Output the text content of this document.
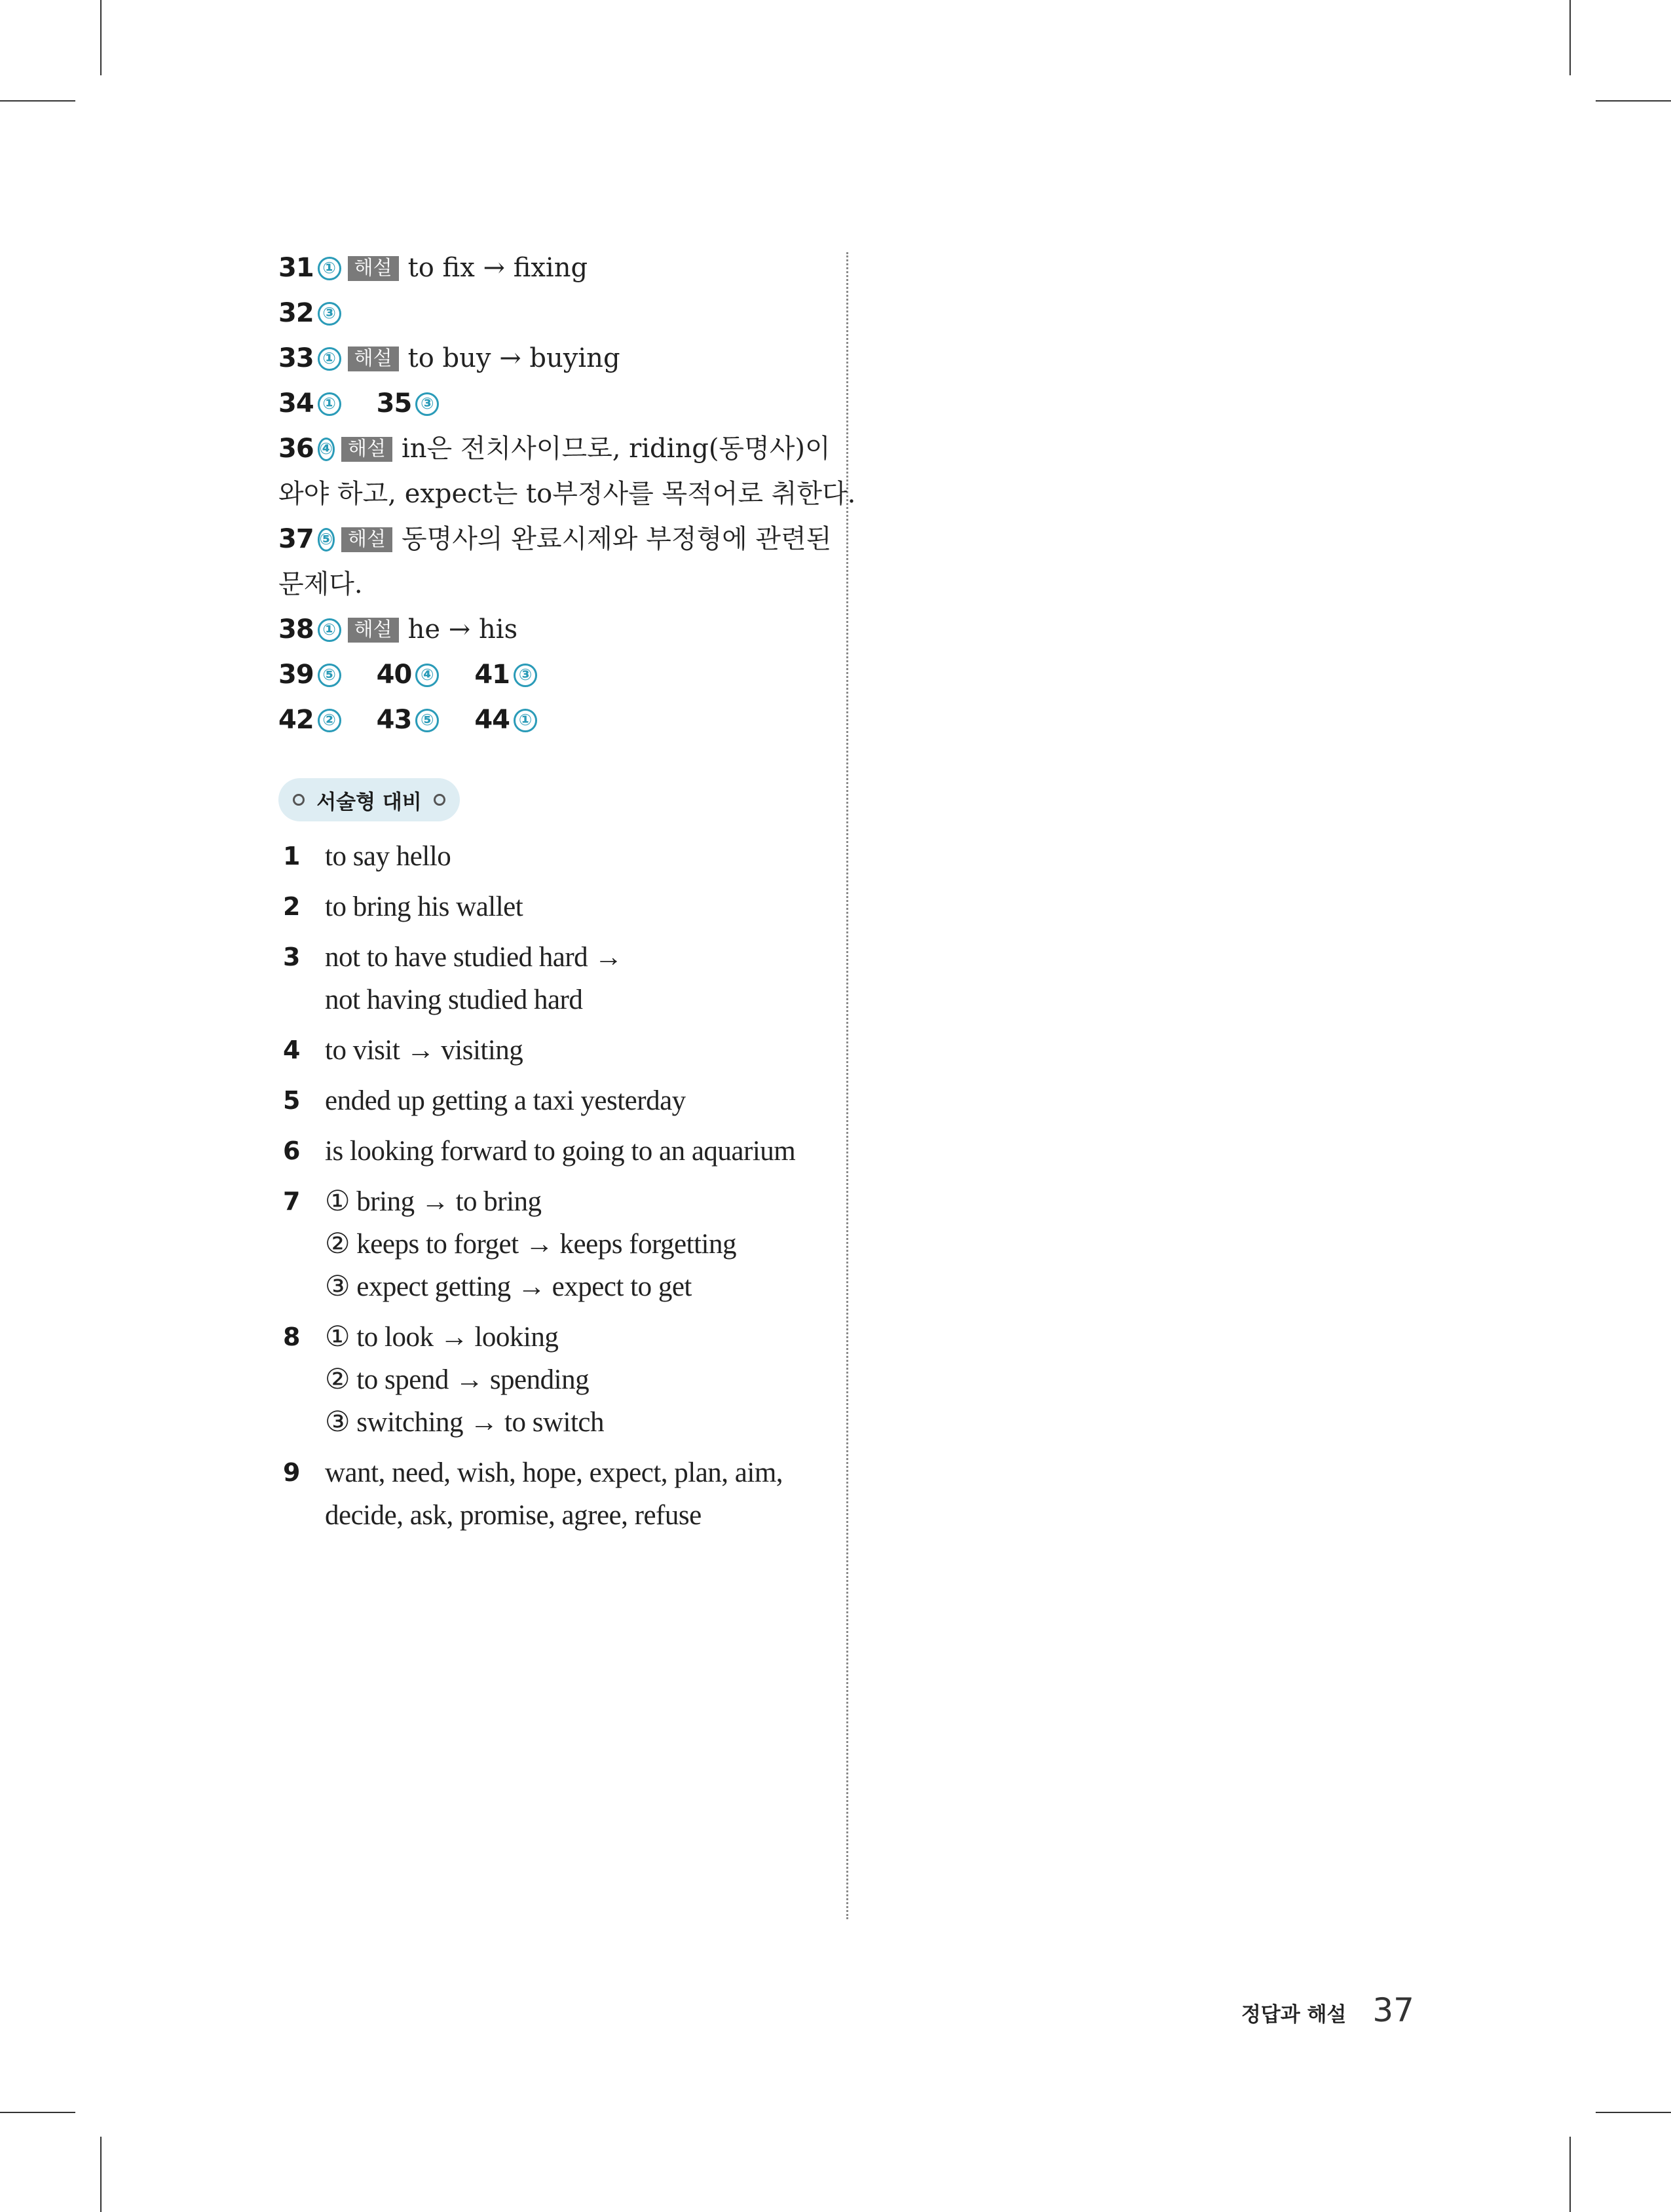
31 ① 해설 to fix → fixing
32 ③
33 ① 해설 to buy → buying
34 ① 35 ③
36 ④ 해설 in은 전치사이므로, riding(동명사)이
와야 하고, expect는 to부정사를 목적어로 취한다.
37 ⑤ 해설 동명사의 완료시제와 부정형에 관련된
문제다.
38 ① 해설 he → his
39 ⑤ 40 ④ 41 ③
42 ② 43 ⑤ 44 ①
서술형 대비
1 to say hello
2 to bring his wallet
3 not to have studied hard →
not having studied hard
4 to visit → visiting
5 ended up getting a taxi yesterday
6 is looking forward to going to an aquarium
7 ① bring → to bring
② keeps to forget → keeps forgetting
③ expect getting → expect to get
8 ① to look → looking
② to spend → spending
③ switching → to switch
9 want, need, wish, hope, expect, plan, aim,
decide, ask, promise, agree, refuse
정답과 해설 37
